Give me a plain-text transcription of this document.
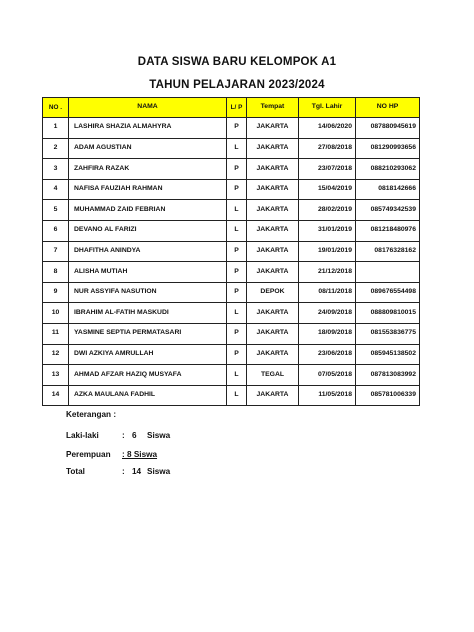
DATA SISWA BARU KELOMPOK A1
TAHUN PELAJARAN 2023/2024
NO .	NAMA	L/ P	Tempat	Tgl. Lahir	NO HP
1	LASHIRA SHAZIA ALMAHYRA	P	JAKARTA	14/06/2020	087880945619
2	ADAM AGUSTIAN	L	JAKARTA	27/08/2018	081290993656
3	ZAHFIRA RAZAK	P	JAKARTA	23/07/2018	088210293062
4	NAFISA FAUZIAH RAHMAN	P	JAKARTA	15/04/2019	0818142666
5	MUHAMMAD ZAID FEBRIAN	L	JAKARTA	28/02/2019	085749342539
6	DEVANO AL FARIZI	L	JAKARTA	31/01/2019	081218480976
7	DHAFITHA ANINDYA	P	JAKARTA	19/01/2019	08176328162
8	ALISHA MUTIAH	P	JAKARTA	21/12/2018	
9	NUR ASSYIFA NASUTION	P	DEPOK	08/11/2018	089676554498
10	IBRAHIM AL-FATIH MASKUDI	L	JAKARTA	24/09/2018	088809810015
11	YASMINE SEPTIA PERMATASARI	P	JAKARTA	18/09/2018	081553836775
12	DWI AZKIYA AMRULLAH	P	JAKARTA	23/06/2018	085945138502
13	AHMAD AFZAR HAZIQ MUSYAFA	L	TEGAL	07/05/2018	087813083992
14	AZKA MAULANA FADHIL	L	JAKARTA	11/05/2018	085781006339
Keterangan :
Laki-laki	: 6 Siswa
Perempuan : 8 Siswa
Total	: 14 Siswa
